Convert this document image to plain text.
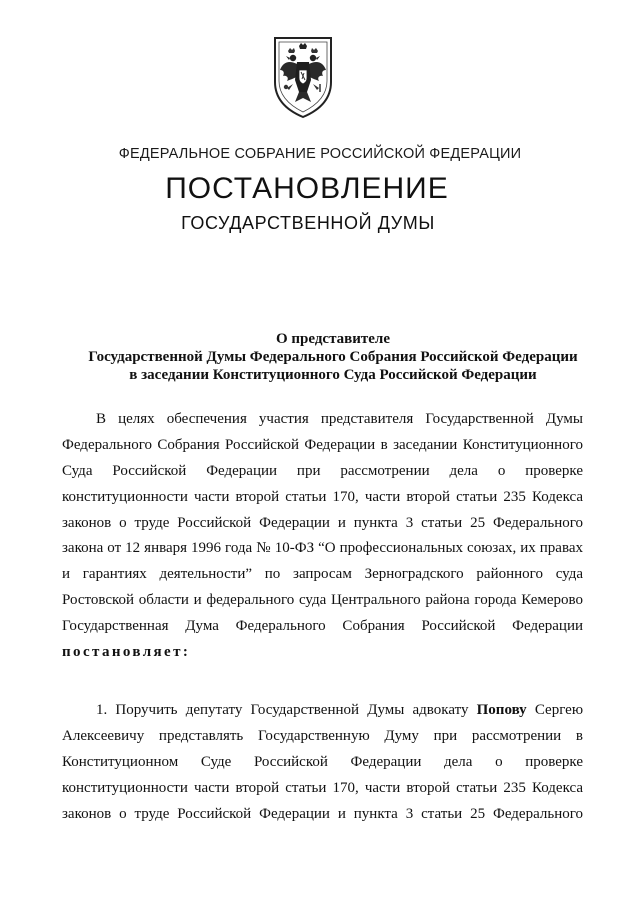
ФЕДЕРАЛЬНОЕ СОБРАНИЕ РОССИЙСКОЙ ФЕДЕРАЦИИ
ПОСТАНОВЛЕНИЕ
ГОСУДАРСТВЕННОЙ ДУМЫ
О представителе
Государственной Думы Федерального Собрания Российской Федерации
в заседании Конституционного Суда Российской Федерации
В целях обеспечения участия представителя Государственной Думы
Федерального Собрания Российской Федерации в заседании Конституционного
Суда Российской Федерации при рассмотрении дела о проверке
конституционности части второй статьи 170, части второй статьи 235 Кодекса
законов о труде Российской Федерации и пункта 3 статьи 25 Федерального
закона от 12 января 1996 года № 10-ФЗ “О профессиональных союзах, их правах
и гарантиях деятельности” по запросам Зерноградского районного суда
Ростовской области и федерального суда Центрального района города Кемерово
Государственная Дума Федерального Собрания Российской Федерации
постановляет:
1. Поручить депутату Государственной Думы адвокату Попову Сергею
Алексеевичу представлять Государственную Думу при рассмотрении в
Конституционном Суде Российской Федерации дела о проверке
конституционности части второй статьи 170, части второй статьи 235 Кодекса
законов о труде Российской Федерации и пункта 3 статьи 25 Федерального
